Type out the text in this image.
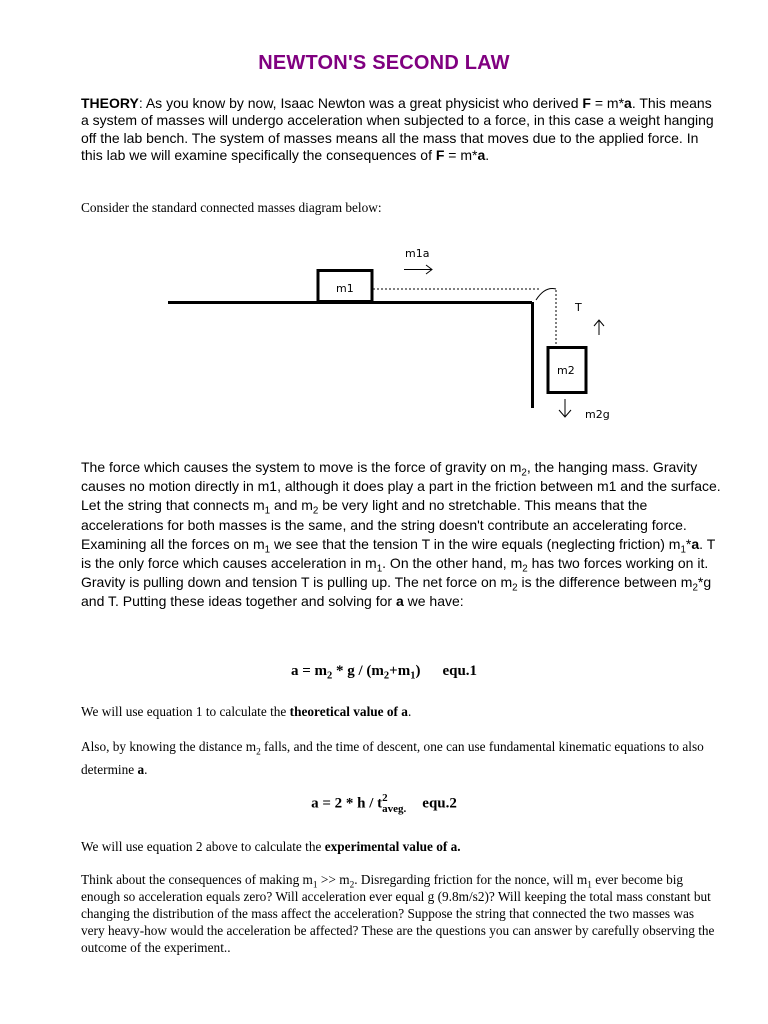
NEWTON'S SECOND LAW
THEORY: As you know by now, Isaac Newton was a great physicist who derived F = m*a. This means a system of masses will undergo acceleration when subjected to a force, in this case a weight hanging off the lab bench. The system of masses means all the mass that moves due to the applied force. In this lab we will examine specifically the consequences of F = m*a.
Consider the standard connected masses diagram below:
m1
m2
m1a
T
m2g
The force which causes the system to move is the force of gravity on $m_2$, the hanging mass. Gravity causes no motion directly in m1, although it does play a part in the friction between m1 and the surface. Let the string that connects $m_1$ and $m_2$ be very light and no stretchable. This means that the accelerations for both masses is the same, and the string doesn't contribute an accelerating force. Examining all the forces on $m_1$ we see that the tension T in the wire equals (neglecting friction) $m_1*a$. T is the only force which causes acceleration in $m_1$. On the other hand, $m_2$ has two forces working on it. Gravity is pulling down and tension T is pulling up. The net force on $m_2$ is the difference between $m_2*g$ and T. Putting these ideas together and solving for a we have:
$a = m_2 * g / (m_2+m_1)$ equ.1
We will use equation 1 to calculate the theoretical value of a.
Also, by knowing the distance $m_2$ falls, and the time of descent, one can use fundamental kinematic equations to also determine a.
a = 2 * h / t 2
aveg. equ.2
We will use equation 2 above to calculate the experimental value of a.
Think about the consequences of making $m_1 >> m_2$. Disregarding friction for the nonce, will $m_1$ ever become big enough so acceleration equals zero? Will acceleration ever equal g (9.8m/s2)? Will keeping the total mass constant but changing the distribution of the mass affect the acceleration? Suppose the string that connected the two masses was very heavy-how would the acceleration be affected? These are the questions you can answer by carefully observing the outcome of the experiment..
